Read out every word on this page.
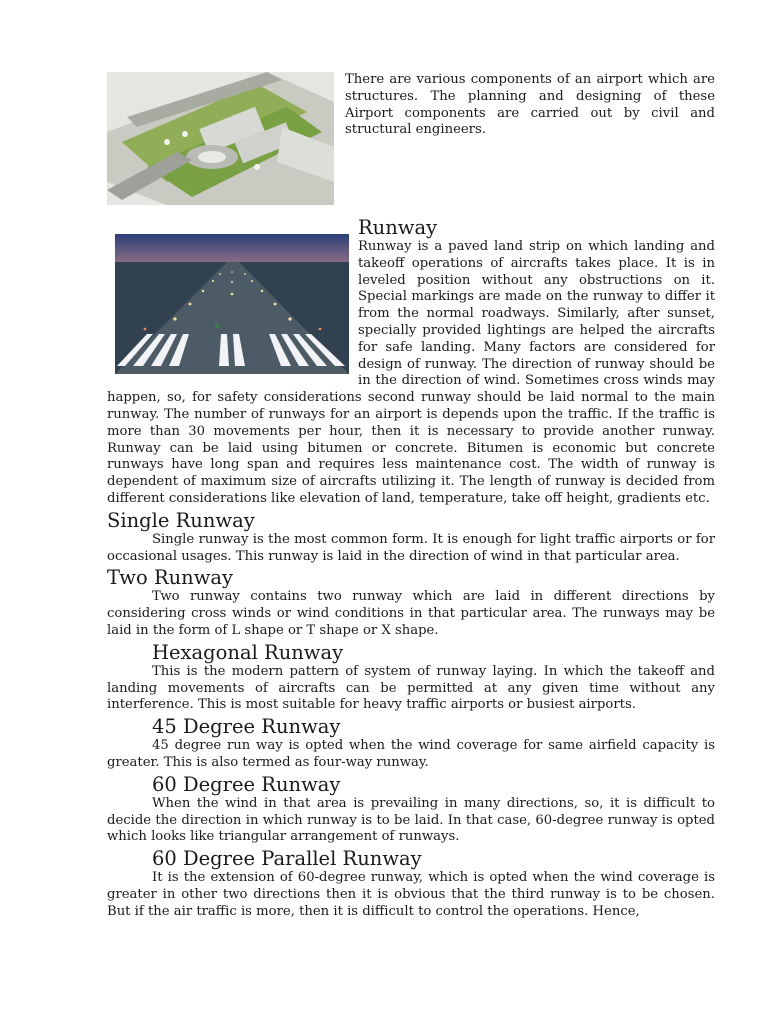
There are various components of an airport which are structures. The planning and designing of these Airport components are carried out by civil and structural engineers.

Runway

Runway is a paved land strip on which landing and takeoff operations of aircrafts takes place. It is in leveled position without any obstructions on it. Special markings are made on the runway to differ it from the normal roadways. Similarly, after sunset, specially provided lightings are helped the aircrafts for safe landing. Many factors are considered for design of runway. The direction of runway should be in the direction of wind. Sometimes cross winds may happen, so, for safety considerations second runway should be laid normal to the main runway. The number of runways for an airport is depends upon the traffic. If the traffic is more than 30 movements per hour, then it is necessary to provide another runway. Runway can be laid using bitumen or concrete. Bitumen is economic but concrete runways have long span and requires less maintenance cost. The width of runway is dependent of maximum size of aircrafts utilizing it. The length of runway is decided from different considerations like elevation of land, temperature, take off height, gradients etc.

Single Runway

Single runway is the most common form. It is enough for light traffic airports or for occasional usages. This runway is laid in the direction of wind in that particular area.

Two Runway

Two runway contains two runway which are laid in different directions by considering cross winds or wind conditions in that particular area. The runways may be laid in the form of L shape or T shape or X shape.

Hexagonal Runway

This is the modern pattern of system of runway laying. In which the takeoff and landing movements of aircrafts can be permitted at any given time without any interference. This is most suitable for heavy traffic airports or busiest airports.

45 Degree Runway

45 degree run way is opted when the wind coverage for same airfield capacity is greater. This is also termed as four-way runway.

60 Degree Runway

When the wind in that area is prevailing in many directions, so, it is difficult to decide the direction in which runway is to be laid. In that case, 60-degree runway is opted which looks like triangular arrangement of runways.

60 Degree Parallel Runway

It is the extension of 60-degree runway, which is opted when the wind coverage is greater in other two directions then it is obvious that the third runway is to be chosen. But if the air traffic is more, then it is difficult to control the operations. Hence,
